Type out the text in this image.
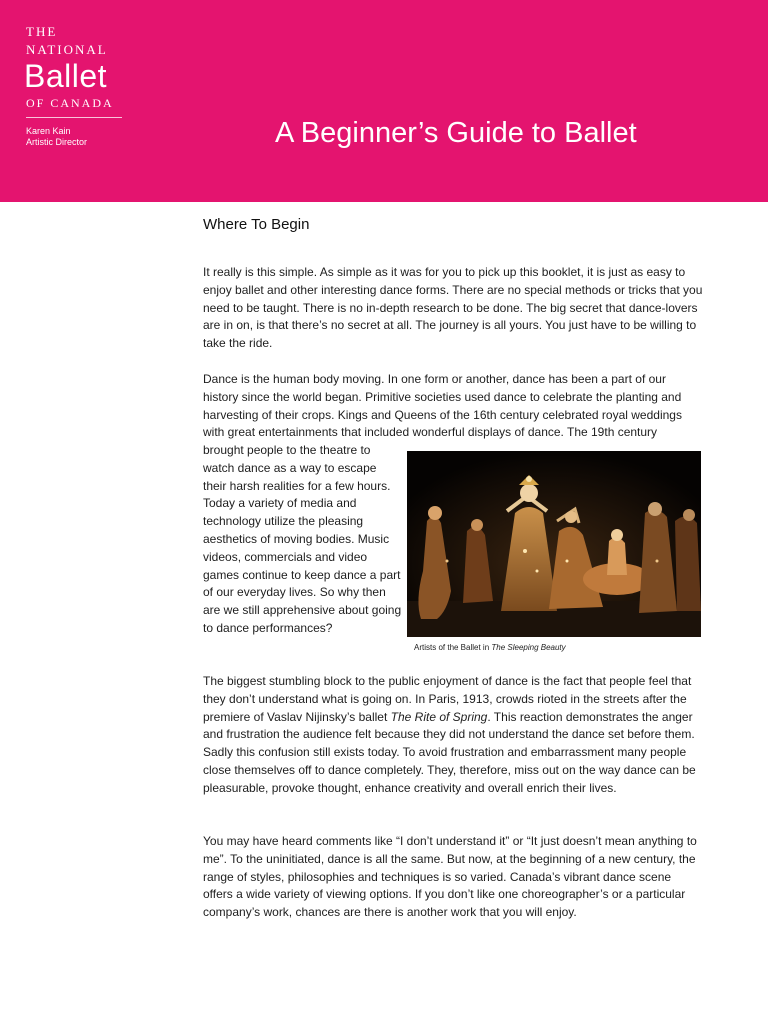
THE
NATIONAL
Ballet
OF CANADA
Karen Kain
Artistic Director	A Beginner’s Guide to Ballet
Where To Begin

It really is this simple. As simple as it was for you to pick up this booklet, it is just as easy to enjoy ballet and other interesting dance forms. There are no special methods or tricks that you need to be taught. There is no in-depth research to be done. The big secret that dance-lovers are in on, is that there’s no secret at all. The journey is all yours. You just have to be willing to take the ride.

Dance is the human body moving. In one form or another, dance has been a part of our history since the world began. Primitive societies used dance to celebrate the planting and harvesting of their crops. Kings and Queens of the 16th century celebrated royal weddings with great entertainments that included wonderful displays of dance. The 19th century

brought people to the theatre to watch dance as a way to escape their harsh realities for a few hours. Today a variety of media and technology utilize the pleasing aesthetics of moving bodies. Music videos, commercials and video games continue to keep dance a part of our everyday lives. So why then are we still apprehensive about going to dance performances?

Artists of the Ballet in The Sleeping Beauty

The biggest stumbling block to the public enjoyment of dance is the fact that people feel that they don’t understand what is going on. In Paris, 1913, crowds rioted in the streets after the premiere of Vaslav Nijinsky’s ballet The Rite of Spring. This reaction demonstrates the anger and frustration the audience felt because they did not understand the dance set before them. Sadly this confusion still exists today. To avoid frustration and embarrassment many people close themselves off to dance completely. They, therefore, miss out on the way dance can be pleasurable, provoke thought, enhance creativity and overall enrich their lives.

You may have heard comments like “I don’t understand it” or “It just doesn’t mean anything to me”. To the uninitiated, dance is all the same. But now, at the beginning of a new century, the range of styles, philosophies and techniques is so varied. Canada’s vibrant dance scene offers a wide variety of viewing options. If you don’t like one choreographer’s or a particular company’s work, chances are there is another work that you will enjoy.
